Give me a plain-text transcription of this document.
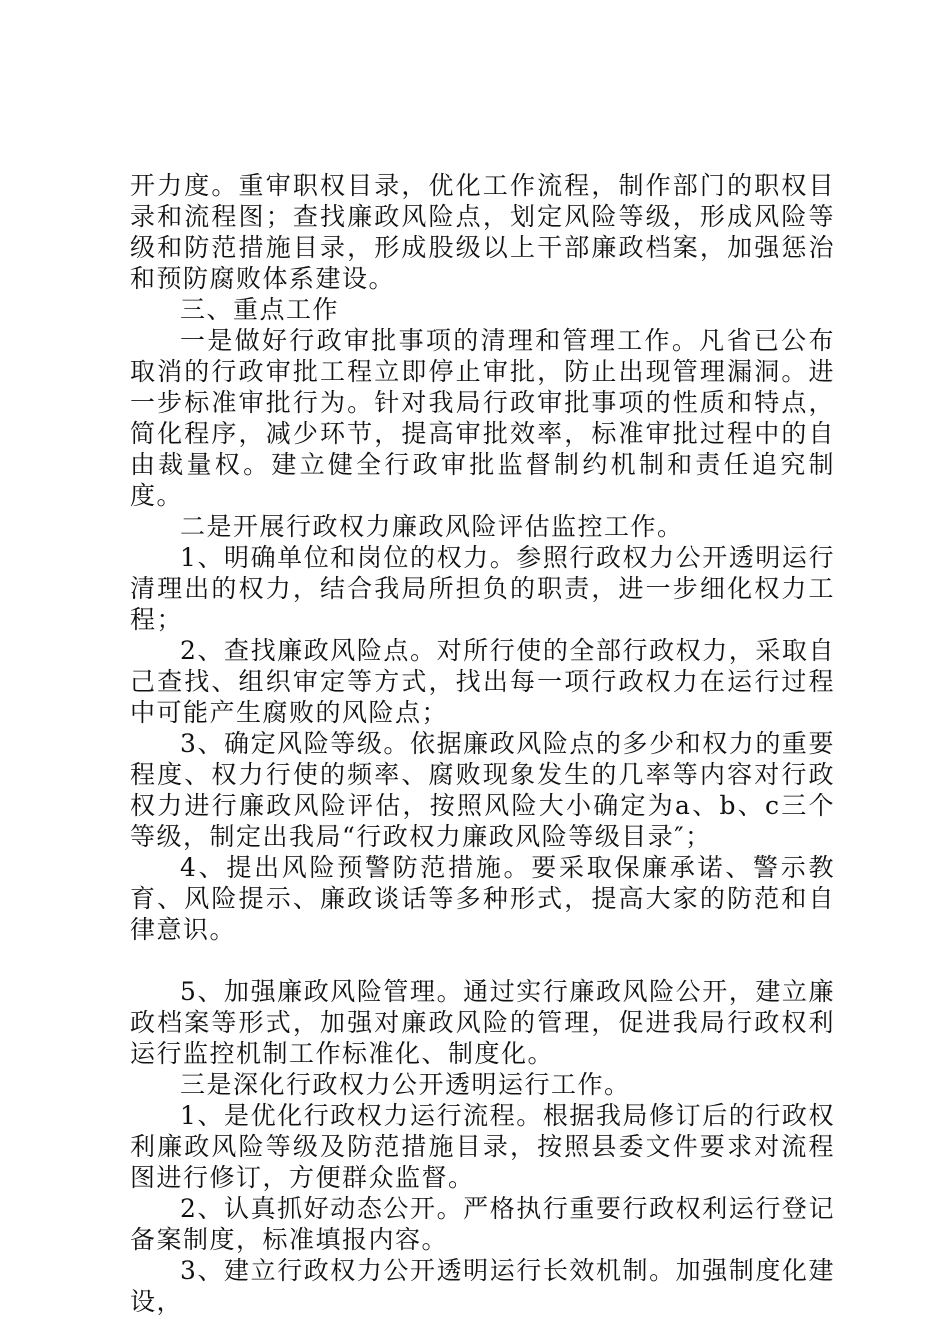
开力度。重审职权目录，优化工作流程，制作部门的职权目录和流程图；查找廉政风险点，划定风险等级，形成风险等级和防范措施目录，形成股级以上干部廉政档案，加强惩治和预防腐败体系建设。

三、重点工作

一是做好行政审批事项的清理和管理工作。凡省已公布取消的行政审批工程立即停止审批，防止出现管理漏洞。进一步标准审批行为。针对我局行政审批事项的性质和特点，简化程序，减少环节，提高审批效率，标准审批过程中的自由裁量权。建立健全行政审批监督制约机制和责任追究制度。

二是开展行政权力廉政风险评估监控工作。

1、明确单位和岗位的权力。参照行政权力公开透明运行清理出的权力，结合我局所担负的职责，进一步细化权力工程；

2、查找廉政风险点。对所行使的全部行政权力，采取自己查找、组织审定等方式，找出每一项行政权力在运行过程中可能产生腐败的风险点；

3、确定风险等级。依据廉政风险点的多少和权力的重要程度、权力行使的频率、腐败现象发生的几率等内容对行政权力进行廉政风险评估，按照风险大小确定为a、b、c三个等级，制定出我局“行政权力廉政风险等级目录″；

4、提出风险预警防范措施。要采取保廉承诺、警示教育、风险提示、廉政谈话等多种形式，提高大家的防范和自律意识。

5、加强廉政风险管理。通过实行廉政风险公开，建立廉政档案等形式，加强对廉政风险的管理，促进我局行政权利运行监控机制工作标准化、制度化。

三是深化行政权力公开透明运行工作。

1、是优化行政权力运行流程。根据我局修订后的行政权利廉政风险等级及防范措施目录，按照县委文件要求对流程图进行修订，方便群众监督。

2、认真抓好动态公开。严格执行重要行政权利运行登记备案制度，标准填报内容。

3、建立行政权力公开透明运行长效机制。加强制度化建设，
